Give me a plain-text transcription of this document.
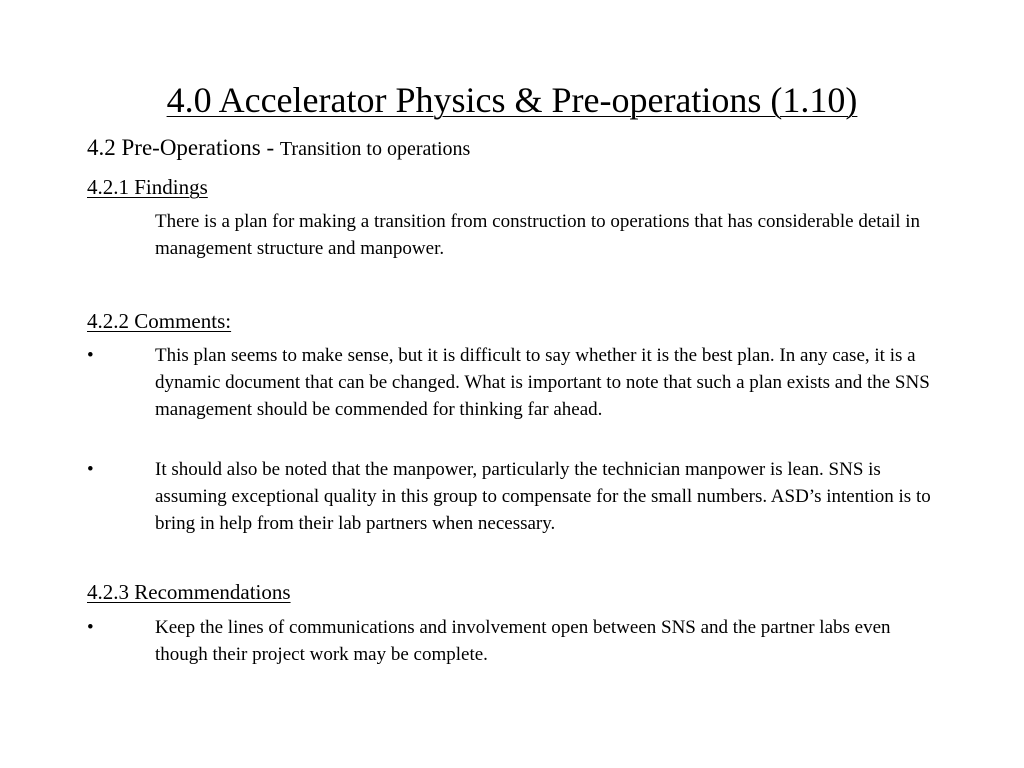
4.0 Accelerator Physics & Pre-operations (1.10)
4.2 Pre-Operations - Transition to operations
4.2.1 Findings
There is a plan for making a transition from construction to operations that has considerable detail in management structure and manpower.
4.2.2 Comments:
•	This plan seems to make sense, but it is difficult to say whether it is the best plan. In any case, it is a dynamic document that can be changed. What is important to note that such a plan exists and the SNS management should be commended for thinking far ahead.
•	It should also be noted that the manpower, particularly the technician manpower is lean. SNS is assuming exceptional quality in this group to compensate for the small numbers. ASD’s intention is to bring in help from their lab partners when necessary.
4.2.3 Recommendations
•	Keep the lines of communications and involvement open between SNS and the partner labs even though their project work may be complete.
